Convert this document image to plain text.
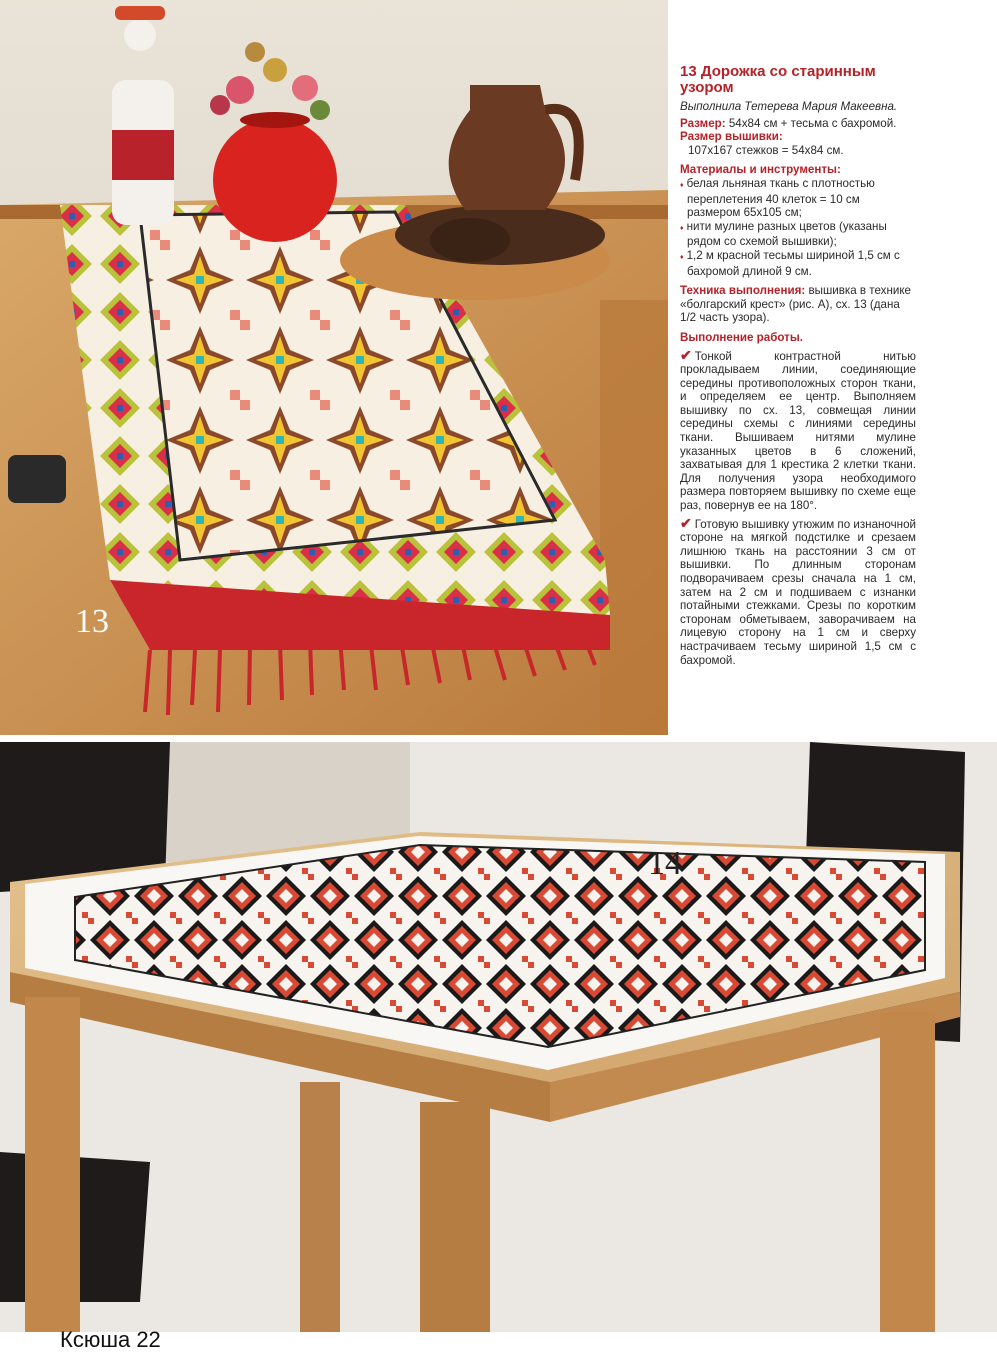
13
13 Дорожка со старинным узором
Выполнила Тетерева Мария Макеевна.
Размер: 54х84 см + тесьма с бахромой.
Размер вышивки:
107х167 стежков = 54х84 см.
Материалы и инструменты:
♦ белая льняная ткань с плотностью переплетения 40 клеток = 10 см размером 65х105 см;
♦ нити мулине разных цветов (указаны рядом со схемой вышивки);
♦ 1,2 м красной тесьмы шириной 1,5 см с бахромой длиной 9 см.
Техника выполнения: вышивка в технике «болгарский крест» (рис. А), сх. 13 (дана 1/2 часть узора).
Выполнение работы.
✔ Тонкой контрастной нитью прокладываем линии, соединяющие середины противоположных сторон ткани, и определяем ее центр. Выполняем вышивку по сх. 13, совмещая линии середины схемы с линиями середины ткани. Вышиваем нитями мулине указанных цветов в 6 сложений, захватывая для 1 крестика 2 клетки ткани. Для получения узора необходимого размера повторяем вышивку по схеме еще раз, повернув ее на 180°.
✔ Готовую вышивку утюжим по изнаночной стороне на мягкой подстилке и срезаем лишнюю ткань на расстоянии 3 см от вышивки. По длинным сторонам подворачиваем срезы сначала на 1 см, затем на 2 см и подшиваем с изнанки потайными стежками. Срезы по коротким сторонам обметываем, заворачиваем на лицевую сторону на 1 см и сверху настрачиваем тесьму шириной 1,5 см с бахромой.
14
Ксюша 22
